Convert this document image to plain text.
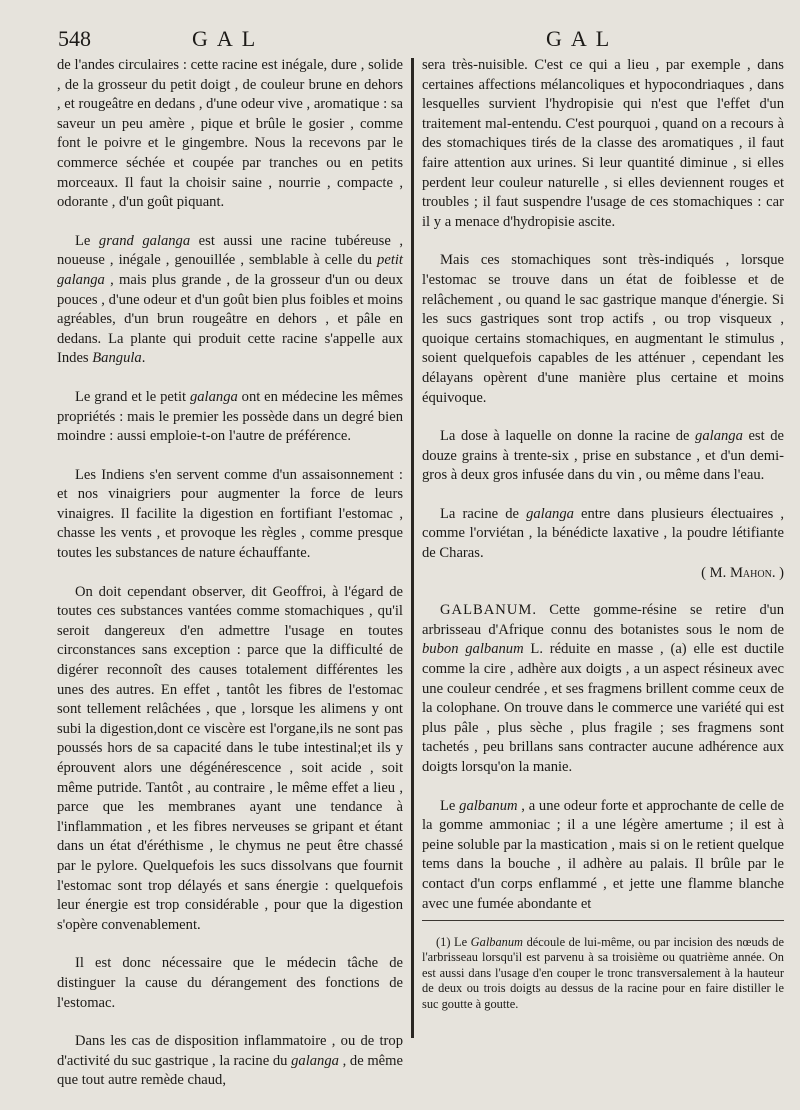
548	GAL	GAL

de l'andes circulaires : cette racine est inégale, dure , solide , de la grosseur du petit doigt , de couleur brune en dehors , et rougeâtre en dedans , d'une odeur vive , aromatique : sa saveur un peu amère , pique et brûle le gosier , comme font le poivre et le gingembre. Nous la recevons par le commerce séchée et coupée par tranches ou en petits morceaux. Il faut la choisir saine , nourrie , compacte , odorante , d'un goût piquant.

Le grand galanga est aussi une racine tubéreuse , noueuse , inégale , genouillée , semblable à celle du petit galanga , mais plus grande , de la grosseur d'un ou deux pouces , d'une odeur et d'un goût bien plus foibles et moins agréables, d'un brun rougeâtre en dehors , et pâle en dedans. La plante qui produit cette racine s'appelle aux Indes Bangula.

Le grand et le petit galanga ont en médecine les mêmes propriétés : mais le premier les possède dans un degré bien moindre : aussi emploie-t-on l'autre de préférence.

Les Indiens s'en servent comme d'un assaisonnement : et nos vinaigriers pour augmenter la force de leurs vinaigres. Il facilite la digestion en fortifiant l'estomac , chasse les vents , et provoque les règles , comme presque toutes les substances de nature échauffante.

On doit cependant observer, dit Geoffroi, à l'égard de toutes ces substances vantées comme stomachiques , qu'il seroit dangereux d'en admettre l'usage en toutes circonstances sans exception : parce que la difficulté de digérer reconnoît des causes totalement différentes les unes des autres. En effet , tantôt les fibres de l'estomac sont tellement relâchées , que , lorsque les alimens y ont subi la digestion,dont ce viscère est l'organe,ils ne sont pas poussés hors de sa capacité dans le tube intestinal;et ils y éprouvent alors une dégénérescence , soit acide , soit même putride. Tantôt , au contraire , le même effet a lieu , parce que les membranes ayant une tendance à l'inflammation , et les fibres nerveuses se gripant et étant dans un état d'éréthisme , le chymus ne peut être chassé par le pylore. Quelquefois les sucs dissolvans que fournit l'estomac sont trop délayés et sans énergie : quelquefois leur énergie est trop considérable , pour que la digestion s'opère convenablement.

Il est donc nécessaire que le médecin tâche de distinguer la cause du dérangement des fonctions de l'estomac.

Dans les cas de disposition inflammatoire , ou de trop d'activité du suc gastrique , la racine du galanga , de même que tout autre remède chaud,

sera très-nuisible. C'est ce qui a lieu , par exemple , dans certaines affections mélancoliques et hypocondriaques , dans lesquelles survient l'hydropisie qui n'est que l'effet d'un traitement mal-entendu. C'est pourquoi , quand on a recours à des stomachiques tirés de la classe des aromatiques , il faut faire attention aux urines. Si leur quantité diminue , si elles perdent leur couleur naturelle , si elles deviennent rouges et troubles ; il faut suspendre l'usage de ces stomachiques : car il y a menace d'hydropisie ascite.

Mais ces stomachiques sont très-indiqués , lorsque l'estomac se trouve dans un état de foiblesse et de relâchement , ou quand le sac gastrique manque d'énergie. Si les sucs gastriques sont trop actifs , ou trop visqueux , quoique certains stomachiques, en augmentant le stimulus , soient quelquefois capables de les atténuer , cependant les délayans opèrent d'une manière plus certaine et moins équivoque.

La dose à laquelle on donne la racine de galanga est de douze grains à trente-six , prise en substance , et d'un demi-gros à deux gros infusée dans du vin , ou même dans l'eau.

La racine de galanga entre dans plusieurs électuaires , comme l'orviétan , la bénédicte laxative , la poudre létifiante de Charas.

( M. Mahon. )

GALBANUM. Cette gomme-résine se retire d'un arbrisseau d'Afrique connu des botanistes sous le nom de bubon galbanum L. réduite en masse , (a) elle est ductile comme la cire , adhère aux doigts , a un aspect résineux avec une couleur cendrée , et ses fragmens brillent comme ceux de la colophane. On trouve dans le commerce une variété qui est plus pâle , plus sèche , plus fragile ; ses fragmens sont tachetés , peu brillans sans contracter aucune adhérence aux doigts lorsqu'on la manie.

Le galbanum , a une odeur forte et approchante de celle de la gomme ammoniac ; il a une légère amertume ; il est à peine soluble par la mastication , mais si on le retient quelque tems dans la bouche , il adhère au palais. Il brûle par le contact d'un corps enflammé , et jette une flamme blanche avec une fumée abondante et

(1) Le Galbanum découle de lui-même, ou par incision des nœuds de l'arbrisseau lorsqu'il est parvenu à sa troisième ou quatrième année. On est aussi dans l'usage d'en couper le tronc transversalement à la hauteur de deux ou trois doigts au dessus de la racine pour en faire distiller le suc goutte à goutte.
